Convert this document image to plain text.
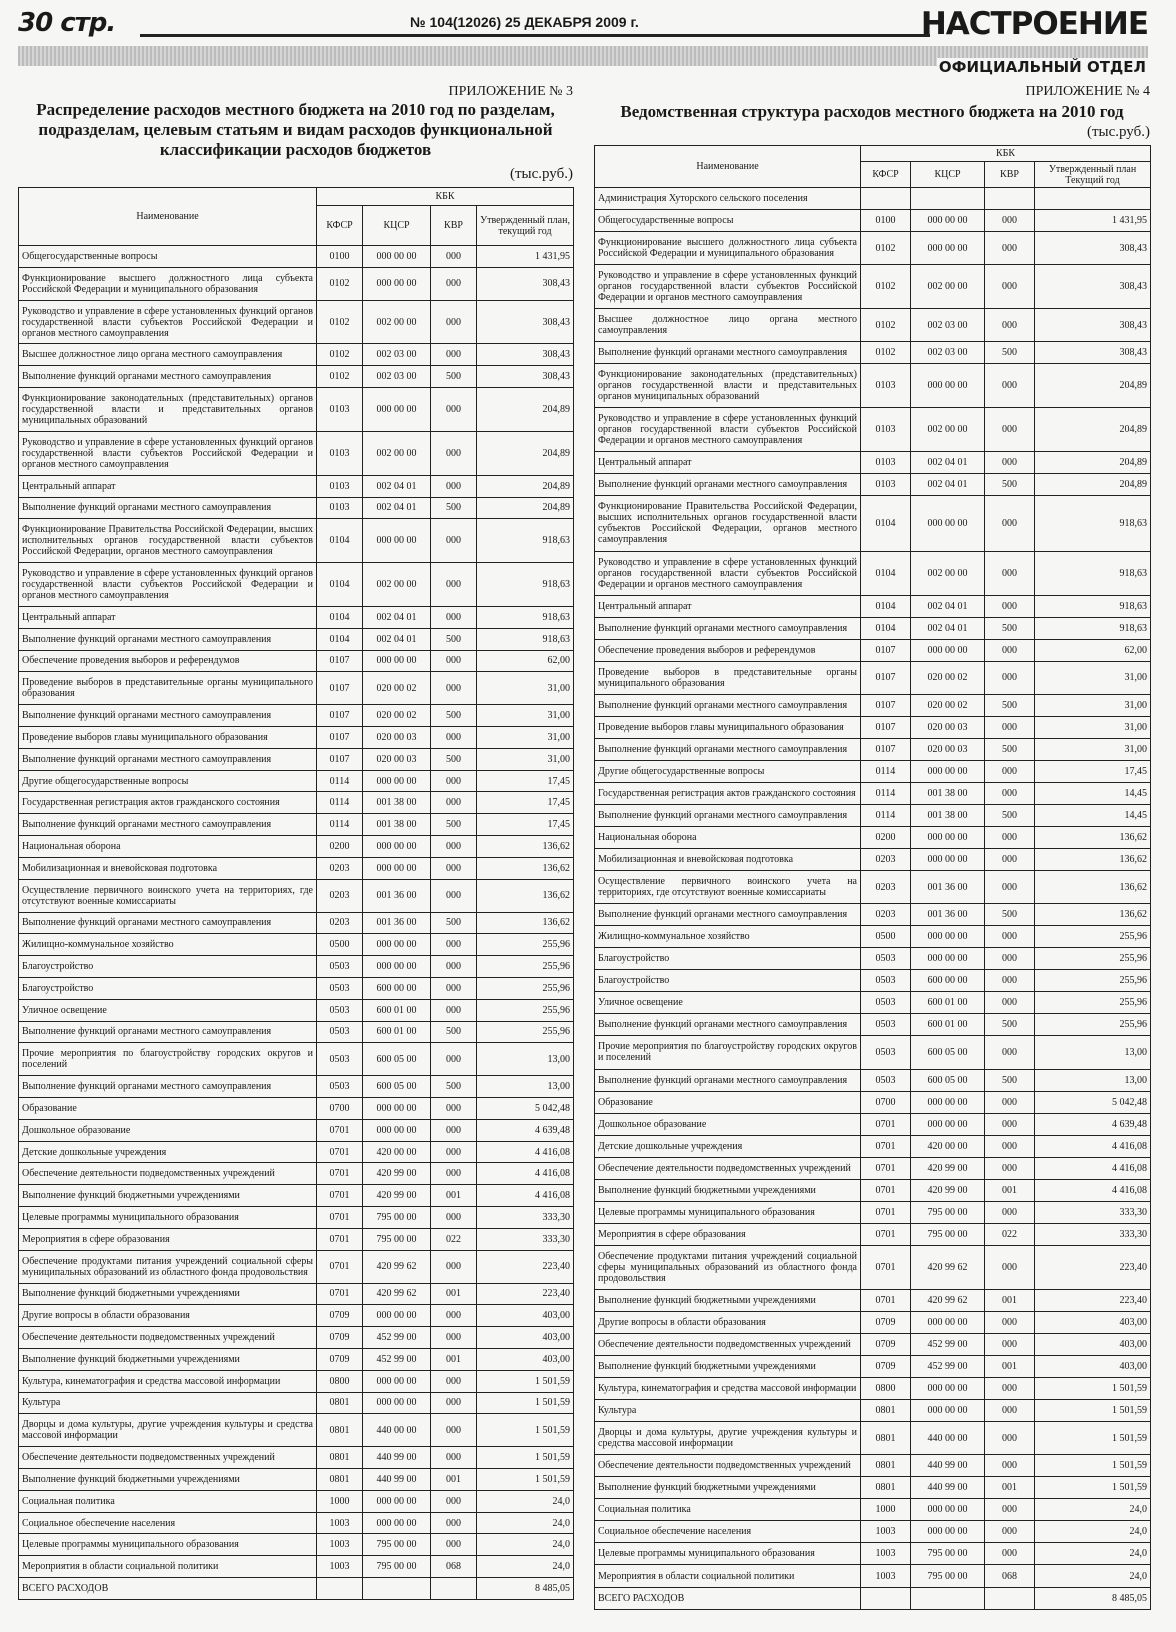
30 стр.	№ 104(12026) 25 ДЕКАБРЯ 2009 г.	НАСТРОЕНИЕ
ОФИЦИАЛЬНЫЙ ОТДЕЛ
ПРИЛОЖЕНИЕ № 3
Распределение расходов местного бюджета на 2010 год по разделам, подразделам, целевым статьям и видам расходов функциональной классификации расходов бюджетов
(тыс.руб.)
Наименование	КБК			
	КФСР	КЦСР	КВР	Утвержденный план, текущий год
Общегосударственные вопросы	0100	000 00 00	000	1 431,95
Функционирование высшего должностного лица субъекта Российской Федерации и муниципального образования	0102	000 00 00	000	308,43
Руководство и управление в сфере установленных функций органов государственной власти субъектов Российской Федерации и органов местного самоуправления	0102	002 00 00	000	308,43
Высшее должностное лицо органа местного самоуправления	0102	002 03 00	000	308,43
Выполнение функций органами местного самоуправления	0102	002 03 00	500	308,43
Функционирование законодательных (представительных) органов государственной власти и представительных органов муниципальных образований	0103	000 00 00	000	204,89
Руководство и управление в сфере установленных функций органов государственной власти субъектов Российской Федерации и органов местного самоуправления	0103	002 00 00	000	204,89
Центральный аппарат	0103	002 04 01	000	204,89
Выполнение функций органами местного самоуправления	0103	002 04 01	500	204,89
Функционирование Правительства Российской Федерации, высших исполнительных органов государственной власти субъектов Российской Федерации, органов местного самоуправления	0104	000 00 00	000	918,63
Руководство и управление в сфере установленных функций органов государственной власти субъектов Российской Федерации и органов местного самоуправления	0104	002 00 00	000	918,63
Центральный аппарат	0104	002 04 01	000	918,63
Выполнение функций органами местного самоуправления	0104	002 04 01	500	918,63
Обеспечение проведения выборов и референдумов	0107	000 00 00	000	62,00
Проведение выборов в представительные органы муниципального образования	0107	020 00 02	000	31,00
Выполнение функций органами местного самоуправления	0107	020 00 02	500	31,00
Проведение выборов главы муниципального образования	0107	020 00 03	000	31,00
Выполнение функций органами местного самоуправления	0107	020 00 03	500	31,00
Другие общегосударственные вопросы	0114	000 00 00	000	17,45
Государственная регистрация актов гражданского состояния	0114	001 38 00	000	17,45
Выполнение функций органами местного самоуправления	0114	001 38 00	500	17,45
Национальная оборона	0200	000 00 00	000	136,62
Мобилизационная и вневойсковая подготовка	0203	000 00 00	000	136,62
Осуществление первичного воинского учета на территориях, где отсутствуют военные комиссариаты	0203	001 36 00	000	136,62
Выполнение функций органами местного самоуправления	0203	001 36 00	500	136,62
Жилищно-коммунальное хозяйство	0500	000 00 00	000	255,96
Благоустройство	0503	000 00 00	000	255,96
Благоустройство	0503	600 00 00	000	255,96
Уличное освещение	0503	600 01 00	000	255,96
Выполнение функций органами местного самоуправления	0503	600 01 00	500	255,96
Прочие мероприятия по благоустройству городских округов и поселений	0503	600 05 00	000	13,00
Выполнение функций органами местного самоуправления	0503	600 05 00	500	13,00
Образование	0700	000 00 00	000	5 042,48
Дошкольное образование	0701	000 00 00	000	4 639,48
Детские дошкольные учреждения	0701	420 00 00	000	4 416,08
Обеспечение деятельности подведомственных учреждений	0701	420 99 00	000	4 416,08
Выполнение функций бюджетными учреждениями	0701	420 99 00	001	4 416,08
Целевые программы муниципального образования	0701	795 00 00	000	333,30
Мероприятия в сфере образования	0701	795 00 00	022	333,30
Обеспечение продуктами питания учреждений социальной сферы муниципальных образований из областного фонда продовольствия	0701	420 99 62	000	223,40
Выполнение функций бюджетными учреждениями	0701	420 99 62	001	223,40
Другие вопросы в области образования	0709	000 00 00	000	403,00
Обеспечение деятельности подведомственных учреждений	0709	452 99 00	000	403,00
Выполнение функций бюджетными учреждениями	0709	452 99 00	001	403,00
Культура, кинематография и средства массовой информации	0800	000 00 00	000	1 501,59
Культура	0801	000 00 00	000	1 501,59
Дворцы и дома культуры, другие учреждения культуры и средства массовой информации	0801	440 00 00	000	1 501,59
Обеспечение деятельности подведомственных учреждений	0801	440 99 00	000	1 501,59
Выполнение функций бюджетными учреждениями	0801	440 99 00	001	1 501,59
Социальная политика	1000	000 00 00	000	24,0
Социальное обеспечение населения	1003	000 00 00	000	24,0
Целевые программы муниципального образования	1003	795 00 00	000	24,0
Мероприятия в области социальной политики	1003	795 00 00	068	24,0
ВСЕГО РАСХОДОВ				8 485,05
ПРИЛОЖЕНИЕ № 4
Ведомственная структура расходов местного бюджета на 2010 год
(тыс.руб.)
Наименование	КБК			
	КФСР	КЦСР	КВР	Утвержденный план Текущий год
Администрация Хуторского сельского поселения				
Общегосударственные вопросы	0100	000 00 00	000	1 431,95
Функционирование высшего должностного лица субъекта Российской Федерации и муниципального образования	0102	000 00 00	000	308,43
Руководство и управление в сфере установленных функций органов государственной власти субъектов Российской Федерации и органов местного самоуправления	0102	002 00 00	000	308,43
Высшее должностное лицо органа местного самоуправления	0102	002 03 00	000	308,43
Выполнение функций органами местного самоуправления	0102	002 03 00	500	308,43
Функционирование законодательных (представительных) органов государственной власти и представительных органов муниципальных образований	0103	000 00 00	000	204,89
Руководство и управление в сфере установленных функций органов государственной власти субъектов Российской Федерации и органов местного самоуправления	0103	002 00 00	000	204,89
Центральный аппарат	0103	002 04 01	000	204,89
Выполнение функций органами местного самоуправления	0103	002 04 01	500	204,89
Функционирование Правительства Российской Федерации, высших исполнительных органов государственной власти субъектов Российской Федерации, органов местного самоуправления	0104	000 00 00	000	918,63
Руководство и управление в сфере установленных функций органов государственной власти субъектов Российской Федерации и органов местного самоуправления	0104	002 00 00	000	918,63
Центральный аппарат	0104	002 04 01	000	918,63
Выполнение функций органами местного самоуправления	0104	002 04 01	500	918,63
Обеспечение проведения выборов и референдумов	0107	000 00 00	000	62,00
Проведение выборов в представительные органы муниципального образования	0107	020 00 02	000	31,00
Выполнение функций органами местного самоуправления	0107	020 00 02	500	31,00
Проведение выборов главы муниципального образования	0107	020 00 03	000	31,00
Выполнение функций органами местного самоуправления	0107	020 00 03	500	31,00
Другие общегосударственные вопросы	0114	000 00 00	000	17,45
Государственная регистрация актов гражданского состояния	0114	001 38 00	000	14,45
Выполнение функций органами местного самоуправления	0114	001 38 00	500	14,45
Национальная оборона	0200	000 00 00	000	136,62
Мобилизационная и вневойсковая подготовка	0203	000 00 00	000	136,62
Осуществление первичного воинского учета на территориях, где отсутствуют военные комиссариаты	0203	001 36 00	000	136,62
Выполнение функций органами местного самоуправления	0203	001 36 00	500	136,62
Жилищно-коммунальное хозяйство	0500	000 00 00	000	255,96
Благоустройство	0503	000 00 00	000	255,96
Благоустройство	0503	600 00 00	000	255,96
Уличное освещение	0503	600 01 00	000	255,96
Выполнение функций органами местного самоуправления	0503	600 01 00	500	255,96
Прочие мероприятия по благоустройству городских округов и поселений	0503	600 05 00	000	13,00
Выполнение функций органами местного самоуправления	0503	600 05 00	500	13,00
Образование	0700	000 00 00	000	5 042,48
Дошкольное образование	0701	000 00 00	000	4 639,48
Детские дошкольные учреждения	0701	420 00 00	000	4 416,08
Обеспечение деятельности подведомственных учреждений	0701	420 99 00	000	4 416,08
Выполнение функций бюджетными учреждениями	0701	420 99 00	001	4 416,08
Целевые программы муниципального образования	0701	795 00 00	000	333,30
Мероприятия в сфере образования	0701	795 00 00	022	333,30
Обеспечение продуктами питания учреждений социальной сферы муниципальных образований из областного фонда продовольствия	0701	420 99 62	000	223,40
Выполнение функций бюджетными учреждениями	0701	420 99 62	001	223,40
Другие вопросы в области образования	0709	000 00 00	000	403,00
Обеспечение деятельности подведомственных учреждений	0709	452 99 00	000	403,00
Выполнение функций бюджетными учреждениями	0709	452 99 00	001	403,00
Культура, кинематография и средства массовой информации	0800	000 00 00	000	1 501,59
Культура	0801	000 00 00	000	1 501,59
Дворцы и дома культуры, другие учреждения культуры и средства массовой информации	0801	440 00 00	000	1 501,59
Обеспечение деятельности подведомственных учреждений	0801	440 99 00	000	1 501,59
Выполнение функций бюджетными учреждениями	0801	440 99 00	001	1 501,59
Социальная политика	1000	000 00 00	000	24,0
Социальное обеспечение населения	1003	000 00 00	000	24,0
Целевые программы муниципального образования	1003	795 00 00	000	24,0
Мероприятия в области социальной политики	1003	795 00 00	068	24,0
ВСЕГО РАСХОДОВ				8 485,05
